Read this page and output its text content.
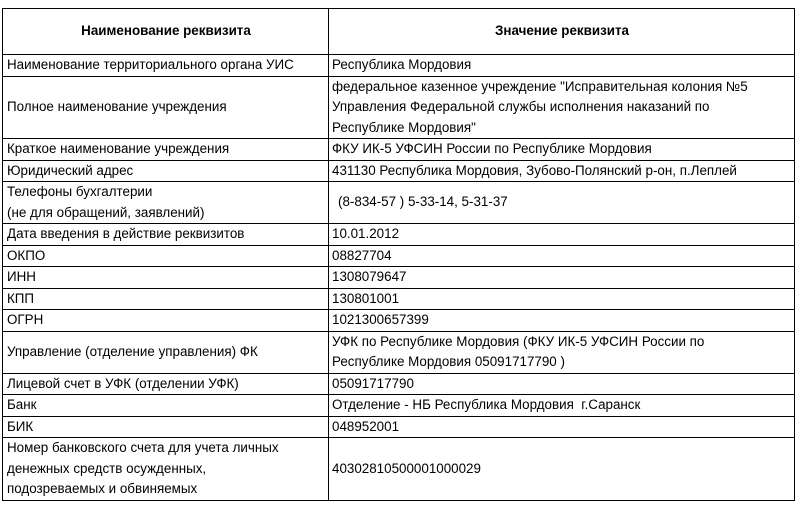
Наименование реквизита	Значение реквизита

Наименование территориального органа УИС	Республика Мордовия

Полное наименование учреждения	федеральное казенное учреждение "Исправительная колония №5
Управления Федеральной службы исполнения наказаний по
Республике Мордовия"

Краткое наименование учреждения	ФКУ ИК-5 УФСИН России по Республике Мордовия

Юридический адрес	431130 Республика Мордовия, Зубово-Полянский р-он, п.Леплей

Телефоны бухгалтерии
(не для обращений, заявлений)	(8-834-57 ) 5-33-14, 5-31-37

Дата введения в действие реквизитов	10.01.2012

ОКПО	08827704

ИНН	1308079647

КПП	130801001

ОГРН	1021300657399

Управление (отделение управления) ФК	УФК по Республике Мордовия (ФКУ ИК-5 УФСИН России по
Республике Мордовия 05091717790 )

Лицевой счет в УФК (отделении УФК)	05091717790

Банк	Отделение - НБ Республика Мордовия  г.Саранск

БИК	048952001

Номер банковского счета для учета личных
денежных средств осужденных,
подозреваемых и обвиняемых	40302810500001000029
